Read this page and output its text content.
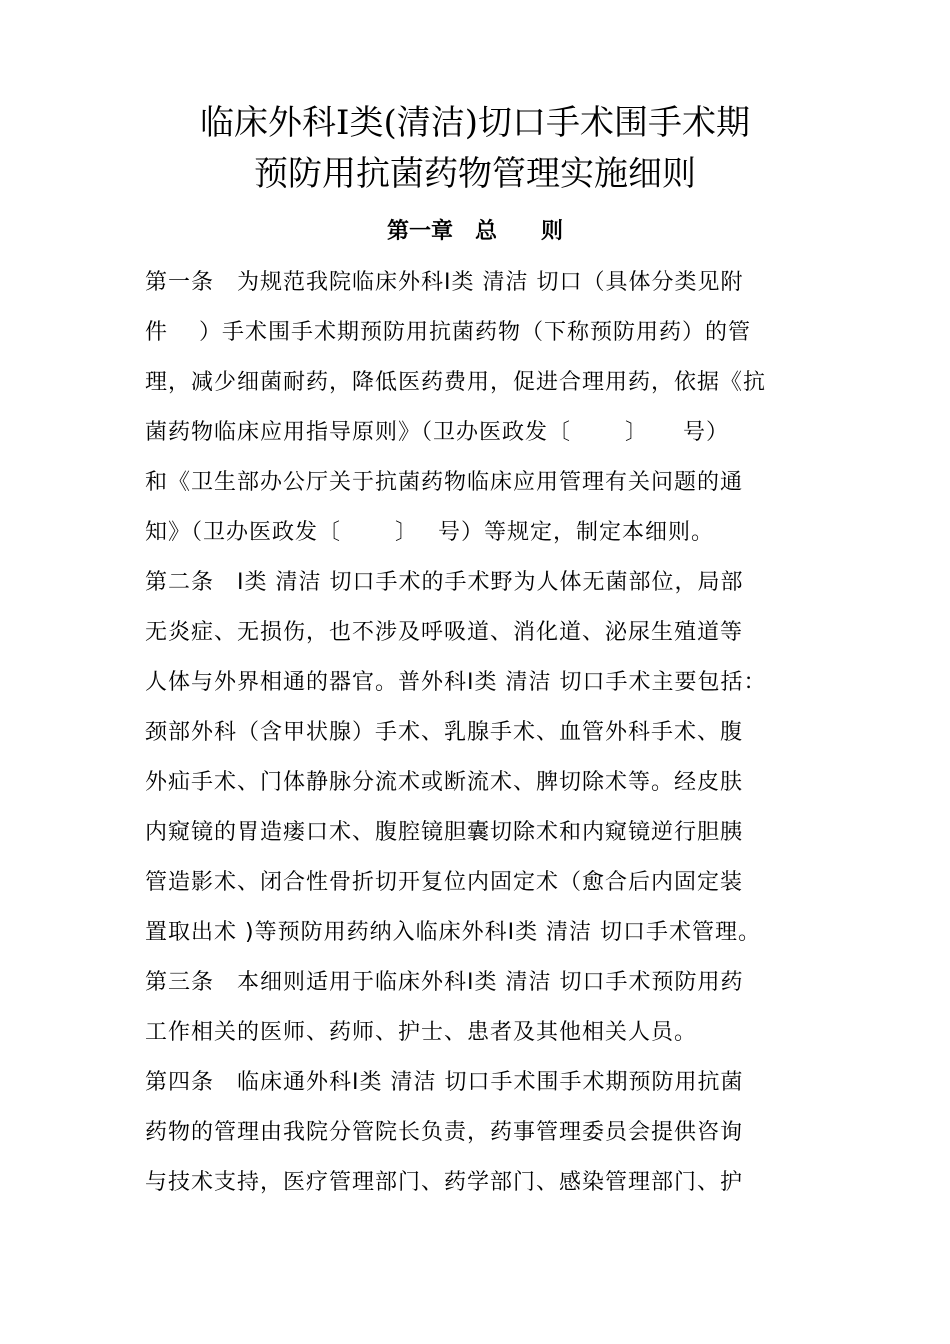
临床外科Ⅰ类(清洁)切口手术围手术期
预防用抗菌药物管理实施细则
第一章　总　　则
第一条　为规范我院临床外科I类 清洁 切口（具体分类见附
件　 ）手术围手术期预防用抗菌药物（下称预防用药）的管
理，减少细菌耐药，降低医药费用，促进合理用药，依据《抗
菌药物临床应用指导原则》（卫办医政发〔　　 〕　　号）
和《卫生部办公厅关于抗菌药物临床应用管理有关问题的通
知》（卫办医政发〔　　 〕　 号）等规定，制定本细则。
第二条　I类 清洁 切口手术的手术野为人体无菌部位，局部
无炎症、无损伤，也不涉及呼吸道、消化道、泌尿生殖道等
人体与外界相通的器官。普外科I类 清洁 切口手术主要包括：
颈部外科（含甲状腺）手术、乳腺手术、血管外科手术、腹
外疝手术、门体静脉分流术或断流术、脾切除术等。经皮肤
内窥镜的胃造瘘口术、腹腔镜胆囊切除术和内窥镜逆行胆胰
管造影术、闭合性骨折切开复位内固定术（愈合后内固定装
置取出术 )等预防用药纳入临床外科I类 清洁 切口手术管理。
第三条　本细则适用于临床外科I类 清洁 切口手术预防用药
工作相关的医师、药师、护士、患者及其他相关人员。
第四条　临床通外科I类 清洁 切口手术围手术期预防用抗菌
药物的管理由我院分管院长负责，药事管理委员会提供咨询
与技术支持，医疗管理部门、药学部门、感染管理部门、护
